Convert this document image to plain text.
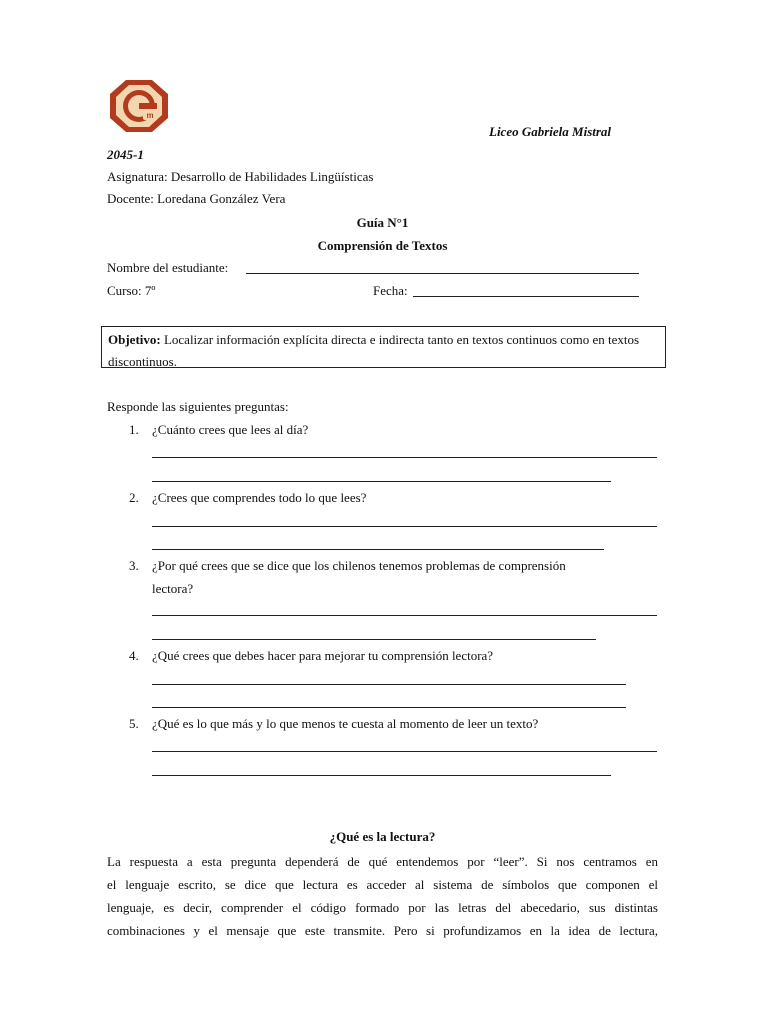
m
Liceo Gabriela Mistral
2045-1
Asignatura: Desarrollo de Habilidades Lingüísticas
Docente: Loredana González Vera
Guía N°1
Comprensión de Textos
Nombre del estudiante:
Curso: 7º	Fecha:
Objetivo: Localizar información explícita directa e indirecta tanto en textos continuos como en textos discontinuos.
Responde las siguientes preguntas:
1. ¿Cuánto crees que lees al día?
2. ¿Crees que comprendes todo lo que lees?
3. ¿Por qué crees que se dice que los chilenos tenemos problemas de comprensión
lectora?
4. ¿Qué crees que debes hacer para mejorar tu comprensión lectora?
5. ¿Qué es lo que más y lo que menos te cuesta al momento de leer un texto?
¿Qué es la lectura?
La respuesta a esta pregunta dependerá de qué entendemos por “leer”. Si nos centramos en
el lenguaje escrito, se dice que lectura es acceder al sistema de símbolos que componen el
lenguaje, es decir, comprender el código formado por las letras del abecedario, sus distintas
combinaciones y el mensaje que este transmite. Pero si profundizamos en la idea de lectura,
